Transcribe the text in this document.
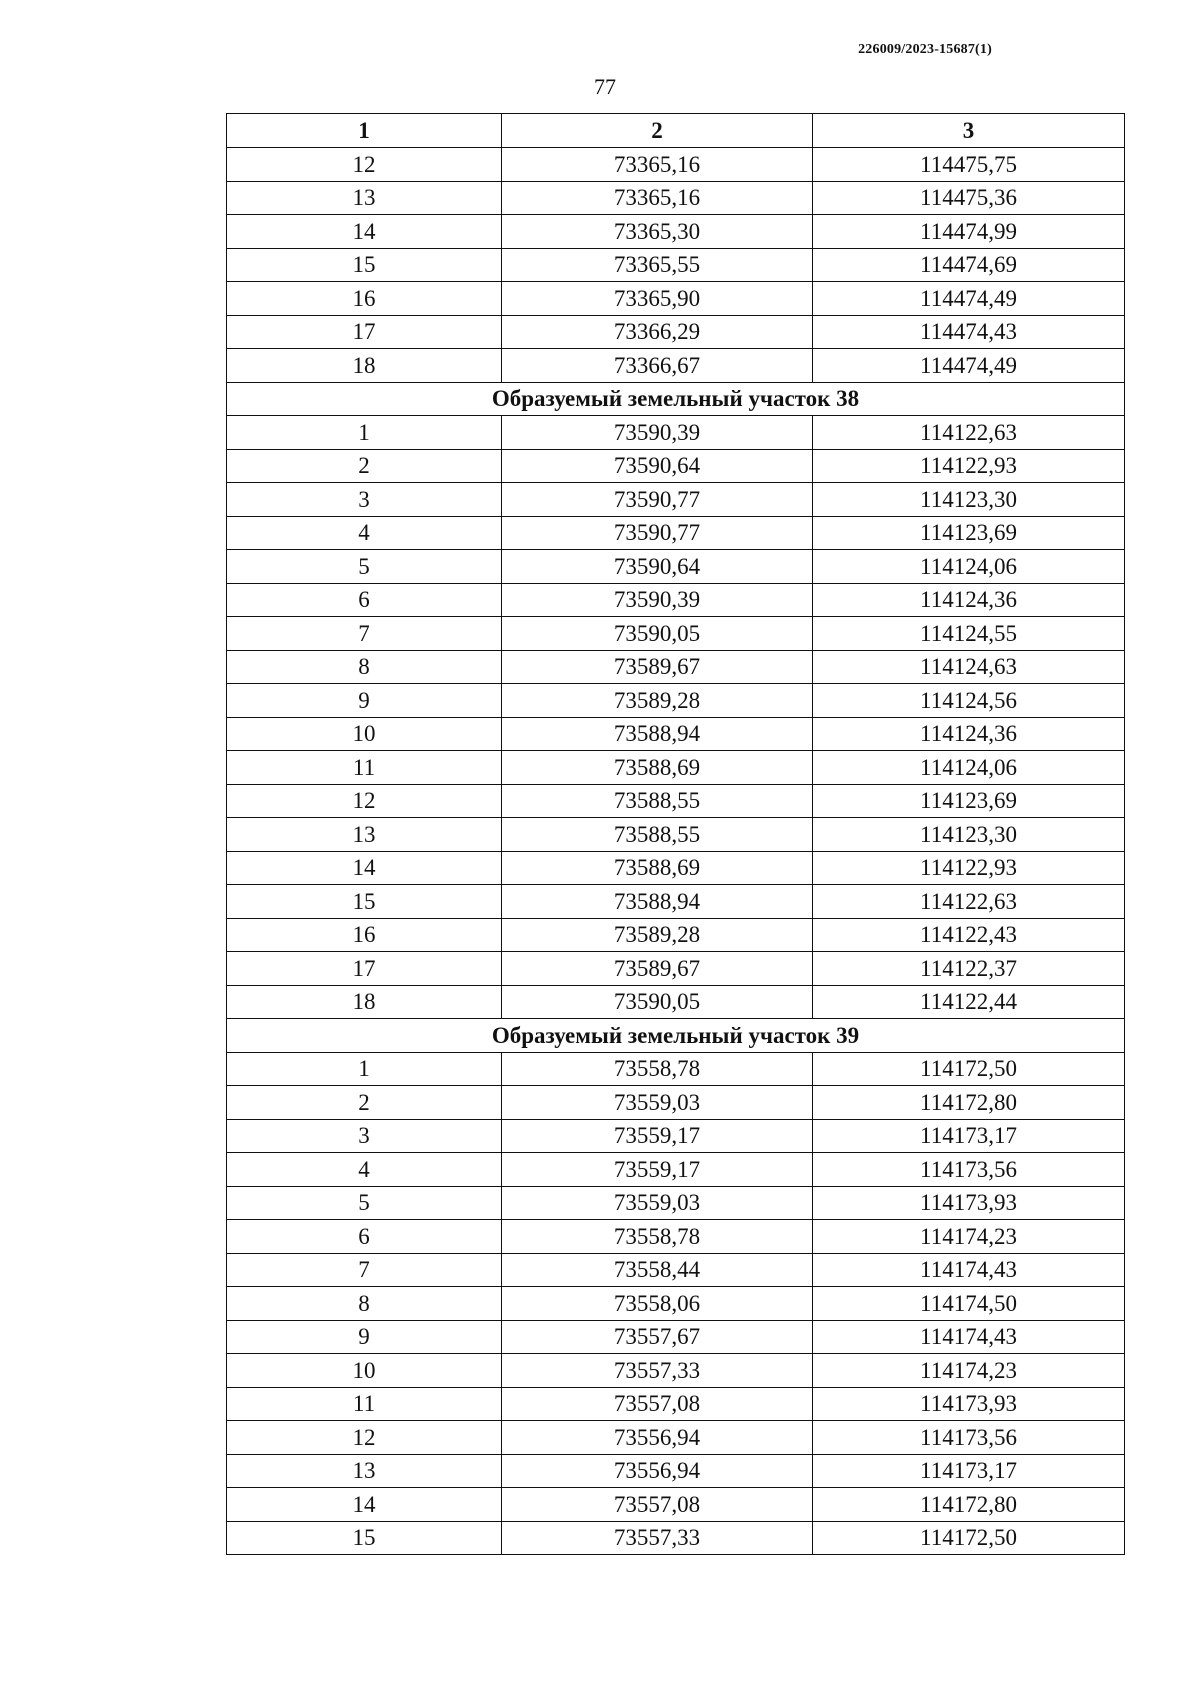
226009/2023-15687(1)
77
1	2	3
12	73365,16	114475,75
13	73365,16	114475,36
14	73365,30	114474,99
15	73365,55	114474,69
16	73365,90	114474,49
17	73366,29	114474,43
18	73366,67	114474,49
Образуемый земельный участок 38		
1	73590,39	114122,63
2	73590,64	114122,93
3	73590,77	114123,30
4	73590,77	114123,69
5	73590,64	114124,06
6	73590,39	114124,36
7	73590,05	114124,55
8	73589,67	114124,63
9	73589,28	114124,56
10	73588,94	114124,36
11	73588,69	114124,06
12	73588,55	114123,69
13	73588,55	114123,30
14	73588,69	114122,93
15	73588,94	114122,63
16	73589,28	114122,43
17	73589,67	114122,37
18	73590,05	114122,44
Образуемый земельный участок 39		
1	73558,78	114172,50
2	73559,03	114172,80
3	73559,17	114173,17
4	73559,17	114173,56
5	73559,03	114173,93
6	73558,78	114174,23
7	73558,44	114174,43
8	73558,06	114174,50
9	73557,67	114174,43
10	73557,33	114174,23
11	73557,08	114173,93
12	73556,94	114173,56
13	73556,94	114173,17
14	73557,08	114172,80
15	73557,33	114172,50
